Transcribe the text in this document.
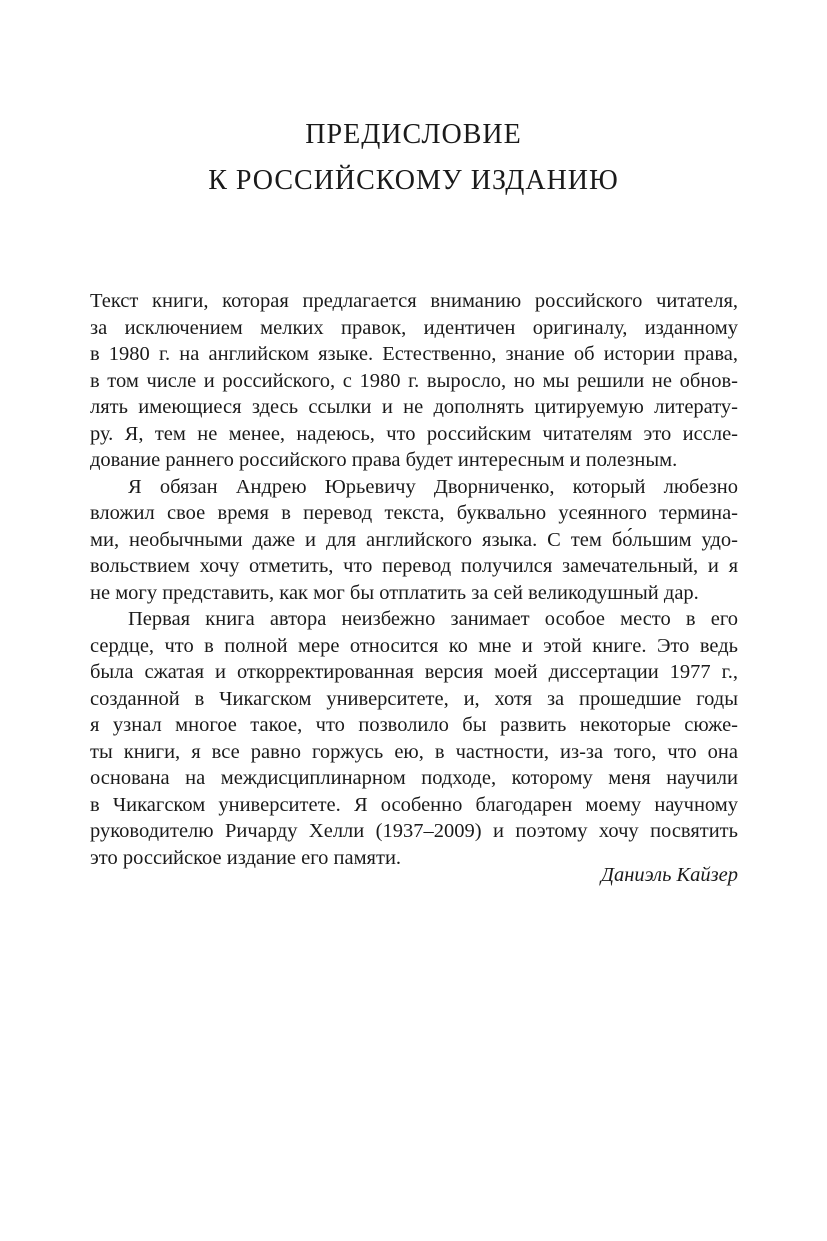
ПРЕДИСЛОВИЕ
К РОССИЙСКОМУ ИЗДАНИЮ
Текст книги, которая предлагается вниманию российского читателя,
за исключением мелких правок, идентичен оригиналу, изданному
в 1980 г. на английском языке. Естественно, знание об истории права,
в том числе и российского, с 1980 г. выросло, но мы решили не обнов-
лять имеющиеся здесь ссылки и не дополнять цитируемую литерату-
ру. Я, тем не менее, надеюсь, что российским читателям это иссле-
дование раннего российского права будет интересным и полезным.
Я обязан Андрею Юрьевичу Дворниченко, который любезно
вложил свое время в перевод текста, буквально усеянного термина-
ми, необычными даже и для английского языка. С тем бо́льшим удо-
вольствием хочу отметить, что перевод получился замечательный, и я
не могу представить, как мог бы отплатить за сей великодушный дар.
Первая книга автора неизбежно занимает особое место в его
сердце, что в полной мере относится ко мне и этой книге. Это ведь
была сжатая и откорректированная версия моей диссертации 1977 г.,
созданной в Чикагском университете, и, хотя за прошедшие годы
я узнал многое такое, что позволило бы развить некоторые сюже-
ты книги, я все равно горжусь ею, в частности, из-за того, что она
основана на междисциплинарном подходе, которому меня научили
в Чикагском университете. Я особенно благодарен моему научному
руководителю Ричарду Хелли (1937–2009) и поэтому хочу посвятить
это российское издание его памяти.
Даниэль Кайзер
